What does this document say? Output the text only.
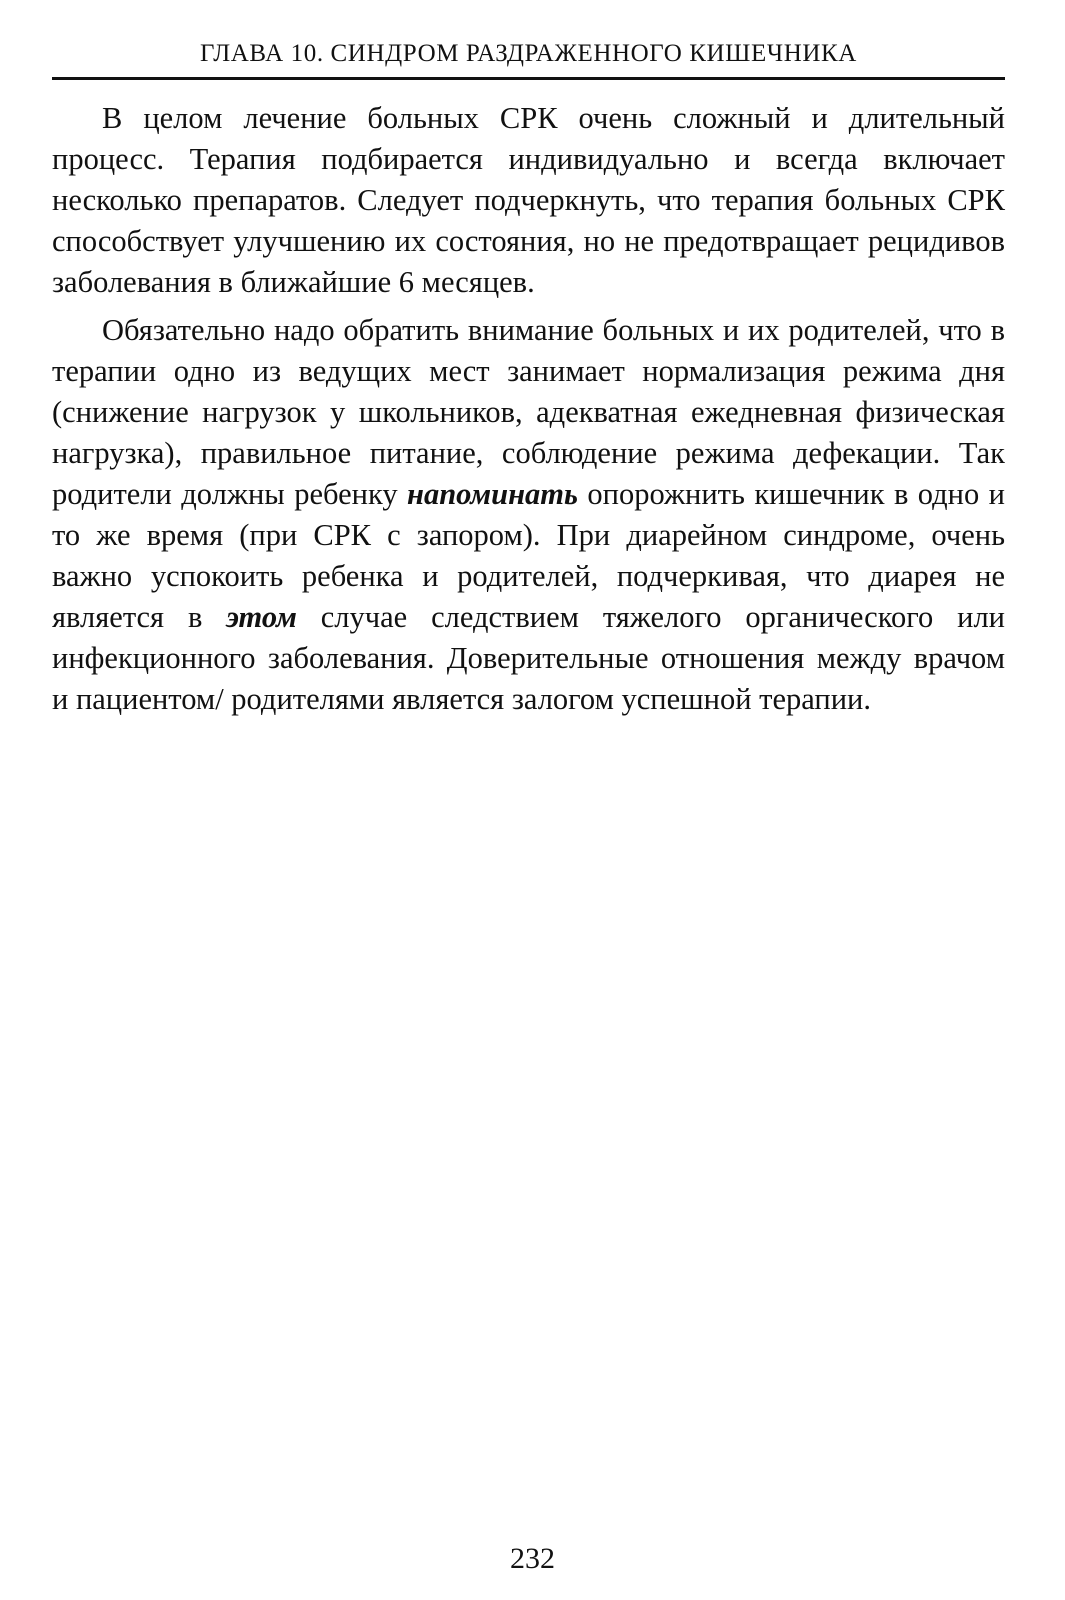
ГЛАВА 10. СИНДРОМ РАЗДРАЖЕННОГО КИШЕЧНИКА

В целом лечение больных СРК очень сложный и длительный процесс. Терапия подбирается индивидуально и всегда включает несколько препаратов. Следует подчеркнуть, что терапия больных СРК способствует улучшению их состояния, но не предотвращает рецидивов заболевания в ближайшие 6 месяцев.

Обязательно надо обратить внимание больных и их родителей, что в терапии одно из ведущих мест занимает нормализация режима дня (снижение нагрузок у школьников, адекватная ежедневная физическая нагрузка), правильное питание, соблюдение режима дефекации. Так родители должны ребенку напоминать опорожнить кишечник в одно и то же время (при СРК с запором). При диарейном синдроме, очень важно успокоить ребенка и родителей, подчеркивая, что диарея не является в этом случае следствием тяжелого органического или инфекционного заболевания. Доверительные отношения между врачом и пациентом/ родителями является залогом успешной терапии.

232
